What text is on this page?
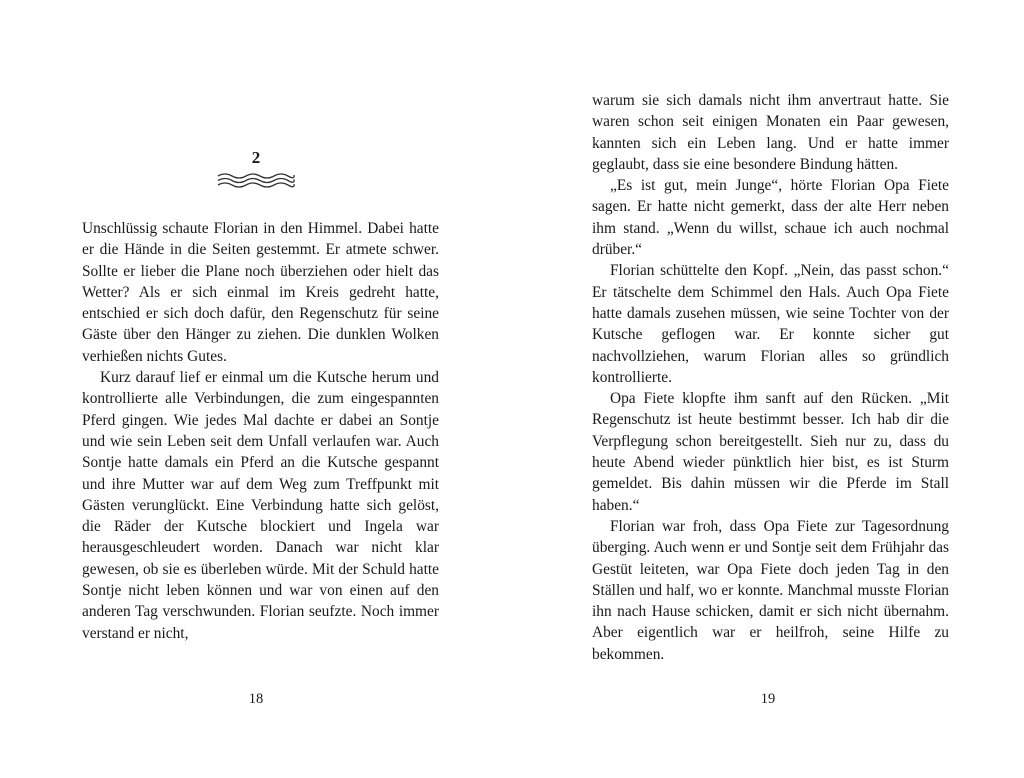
2

Unschlüssig schaute Florian in den Himmel. Dabei hatte er die Hände in die Seiten gestemmt. Er atmete schwer. Sollte er lieber die Plane noch überziehen oder hielt das Wetter? Als er sich einmal im Kreis gedreht hatte, entschied er sich doch dafür, den Regenschutz für seine Gäste über den Hänger zu ziehen. Die dunklen Wolken verhießen nichts Gutes.

Kurz darauf lief er einmal um die Kutsche herum und kontrollierte alle Verbindungen, die zum eingespannten Pferd gingen. Wie jedes Mal dachte er dabei an Sontje und wie sein Leben seit dem Unfall verlaufen war. Auch Sontje hatte damals ein Pferd an die Kutsche gespannt und ihre Mutter war auf dem Weg zum Treffpunkt mit Gästen verunglückt. Eine Verbindung hatte sich gelöst, die Räder der Kutsche blockiert und Ingela war herausgeschleudert worden. Danach war nicht klar gewesen, ob sie es überleben würde. Mit der Schuld hatte Sontje nicht leben können und war von einen auf den anderen Tag verschwunden. Florian seufzte. Noch immer verstand er nicht,

18

warum sie sich damals nicht ihm anvertraut hatte. Sie waren schon seit einigen Monaten ein Paar gewesen, kannten sich ein Leben lang. Und er hatte immer geglaubt, dass sie eine besondere Bindung hätten.

„Es ist gut, mein Junge“, hörte Florian Opa Fiete sagen. Er hatte nicht gemerkt, dass der alte Herr neben ihm stand. „Wenn du willst, schaue ich auch nochmal drüber.“

Florian schüttelte den Kopf. „Nein, das passt schon.“ Er tätschelte dem Schimmel den Hals. Auch Opa Fiete hatte damals zusehen müssen, wie seine Tochter von der Kutsche geflogen war. Er konnte sicher gut nachvollziehen, warum Florian alles so gründlich kontrollierte.

Opa Fiete klopfte ihm sanft auf den Rücken. „Mit Regenschutz ist heute bestimmt besser. Ich hab dir die Verpflegung schon bereitgestellt. Sieh nur zu, dass du heute Abend wieder pünktlich hier bist, es ist Sturm gemeldet. Bis dahin müssen wir die Pferde im Stall haben.“

Florian war froh, dass Opa Fiete zur Tagesordnung überging. Auch wenn er und Sontje seit dem Frühjahr das Gestüt leiteten, war Opa Fiete doch jeden Tag in den Ställen und half, wo er konnte. Manchmal musste Florian ihn nach Hause schicken, damit er sich nicht übernahm. Aber eigentlich war er heilfroh, seine Hilfe zu bekommen.

19
